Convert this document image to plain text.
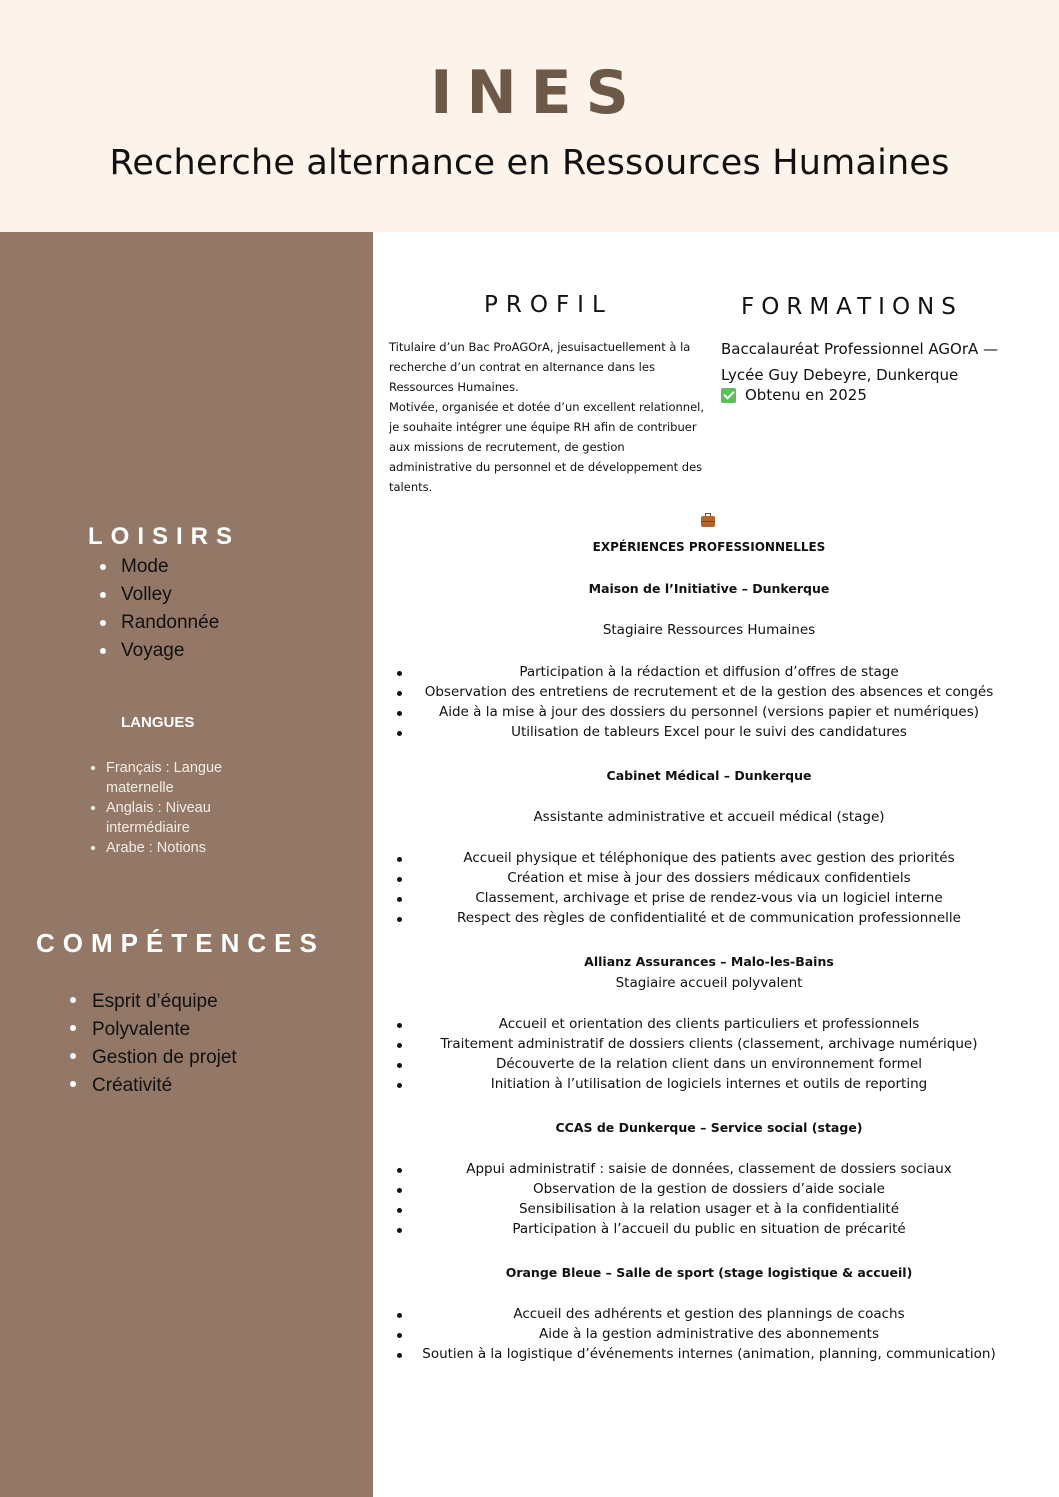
INES
Recherche alternance en Ressources Humaines
LOISIRS
Mode
Volley
Randonnée
Voyage
LANGUES
Français : Langue maternelle
Anglais : Niveau intermédiaire
Arabe : Notions
COMPÉTENCES
Esprit d’équipe
Polyvalente
Gestion de projet
Créativité
PROFIL
Titulaire d’un Bac ProAGOrA, jesuisactuellement à la recherche d’un contrat en alternance dans les Ressources Humaines.
Motivée, organisée et dotée d’un excellent relationnel, je souhaite intégrer une équipe RH afin de contribuer aux missions de recrutement, de gestion administrative du personnel et de développement des talents.
FORMATIONS

Baccalauréat Professionnel AGOrA — Lycée Guy Debeyre, Dunkerque

Obtenu en 2025

EXPÉRIENCES PROFESSIONNELLES

Maison de l’Initiative – Dunkerque

Stagiaire Ressources Humaines

Participation à la rédaction et diffusion d’offres de stage

Observation des entretiens de recrutement et de la gestion des absences et congés

Aide à la mise à jour des dossiers du personnel (versions papier et numériques)

Utilisation de tableurs Excel pour le suivi des candidatures

Cabinet Médical – Dunkerque

Assistante administrative et accueil médical (stage)

Accueil physique et téléphonique des patients avec gestion des priorités

Création et mise à jour des dossiers médicaux confidentiels

Classement, archivage et prise de rendez-vous via un logiciel interne

Respect des règles de confidentialité et de communication professionnelle

Allianz Assurances – Malo-les-Bains

Stagiaire accueil polyvalent

Accueil et orientation des clients particuliers et professionnels

Traitement administratif de dossiers clients (classement, archivage numérique)

Découverte de la relation client dans un environnement formel

Initiation à l’utilisation de logiciels internes et outils de reporting

CCAS de Dunkerque – Service social (stage)

Appui administratif : saisie de données, classement de dossiers sociaux

Observation de la gestion de dossiers d’aide sociale

Sensibilisation à la relation usager et à la confidentialité

Participation à l’accueil du public en situation de précarité

Orange Bleue – Salle de sport (stage logistique & accueil)

Accueil des adhérents et gestion des plannings de coachs

Aide à la gestion administrative des abonnements

Soutien à la logistique d’événements internes (animation, planning, communication)
